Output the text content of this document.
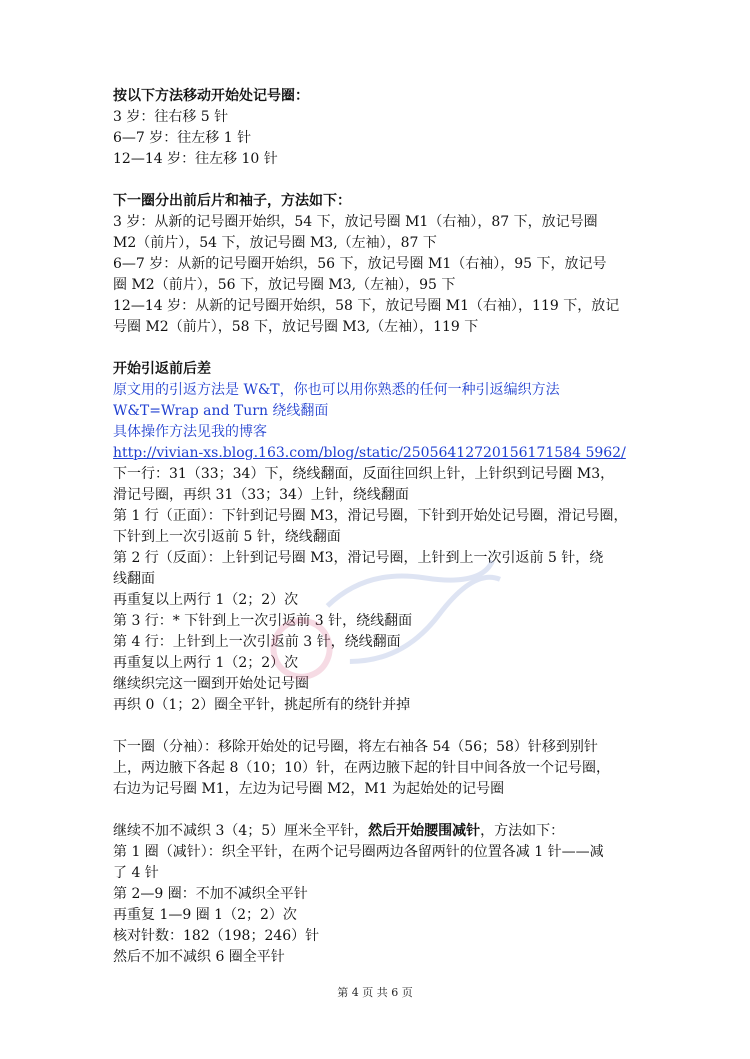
按以下方法移动开始处记号圈：

3 岁：往右移 5 针

6—7 岁：往左移 1 针

12—14 岁：往左移 10 针

下一圈分出前后片和袖子，方法如下：

3 岁：从新的记号圈开始织，54 下，放记号圈 M1（右袖），87 下，放记号圈

M2（前片），54 下，放记号圈 M3,（左袖），87 下

6—7 岁：从新的记号圈开始织，56 下，放记号圈 M1（右袖），95 下，放记号

圈 M2（前片），56 下，放记号圈 M3,（左袖），95 下

12—14 岁：从新的记号圈开始织，58 下，放记号圈 M1（右袖），119 下，放记

号圈 M2（前片），58 下，放记号圈 M3,（左袖），119 下

开始引返前后差

原文用的引返方法是 W&T，你也可以用你熟悉的任何一种引返编织方法

W&T=Wrap and Turn 绕线翻面

具体操作方法见我的博客

http://vivian-xs.blog.163.com/blog/static/25056412720156171584 5962/

下一行：31（33；34）下，绕线翻面，反面往回织上针，上针织到记号圈 M3，

滑记号圈，再织 31（33；34）上针，绕线翻面

第 1 行（正面）：下针到记号圈 M3，滑记号圈，下针到开始处记号圈，滑记号圈，

下针到上一次引返前 5 针，绕线翻面

第 2 行（反面）：上针到记号圈 M3，滑记号圈，上针到上一次引返前 5 针，绕

线翻面

再重复以上两行 1（2；2）次

第 3 行：* 下针到上一次引返前 3 针，绕线翻面

第 4 行：上针到上一次引返前 3 针，绕线翻面

再重复以上两行 1（2；2）次

继续织完这一圈到开始处记号圈

再织 0（1；2）圈全平针，挑起所有的绕针并掉

下一圈（分袖）：移除开始处的记号圈，将左右袖各 54（56；58）针移到别针

上，两边腋下各起 8（10；10）针，在两边腋下起的针目中间各放一个记号圈，

右边为记号圈 M1，左边为记号圈 M2，M1 为起始处的记号圈

继续不加不减织 3（4；5）厘米全平针，然后开始腰围减针，方法如下：

第 1 圈（减针）：织全平针，在两个记号圈两边各留两针的位置各减 1 针——减

了 4 针

第 2—9 圈：不加不减织全平针

再重复 1—9 圈 1（2；2）次

核对针数：182（198；246）针

然后不加不减织 6 圈全平针

第 4 页 共 6 页
